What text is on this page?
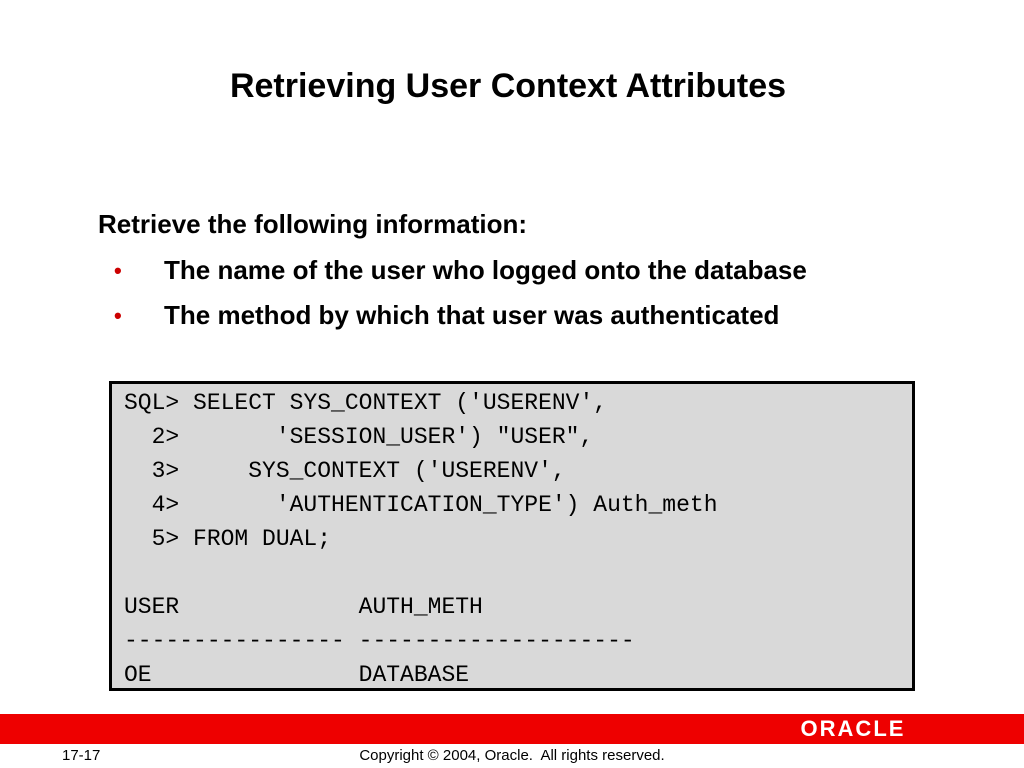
Retrieving User Context Attributes

Retrieve the following information:

• The name of the user who logged onto the database
• The method by which that user was authenticated
SQL> SELECT SYS_CONTEXT ('USERENV',
2>       'SESSION_USER') "USER",
3>     SYS_CONTEXT ('USERENV',
4>       'AUTHENTICATION_TYPE') Auth_meth
5> FROM DUAL;
USER             AUTH_METH
---------------- --------------------
OE               DATABASE
ORACLE
17-17	Copyright © 2004, Oracle.  All rights reserved.
